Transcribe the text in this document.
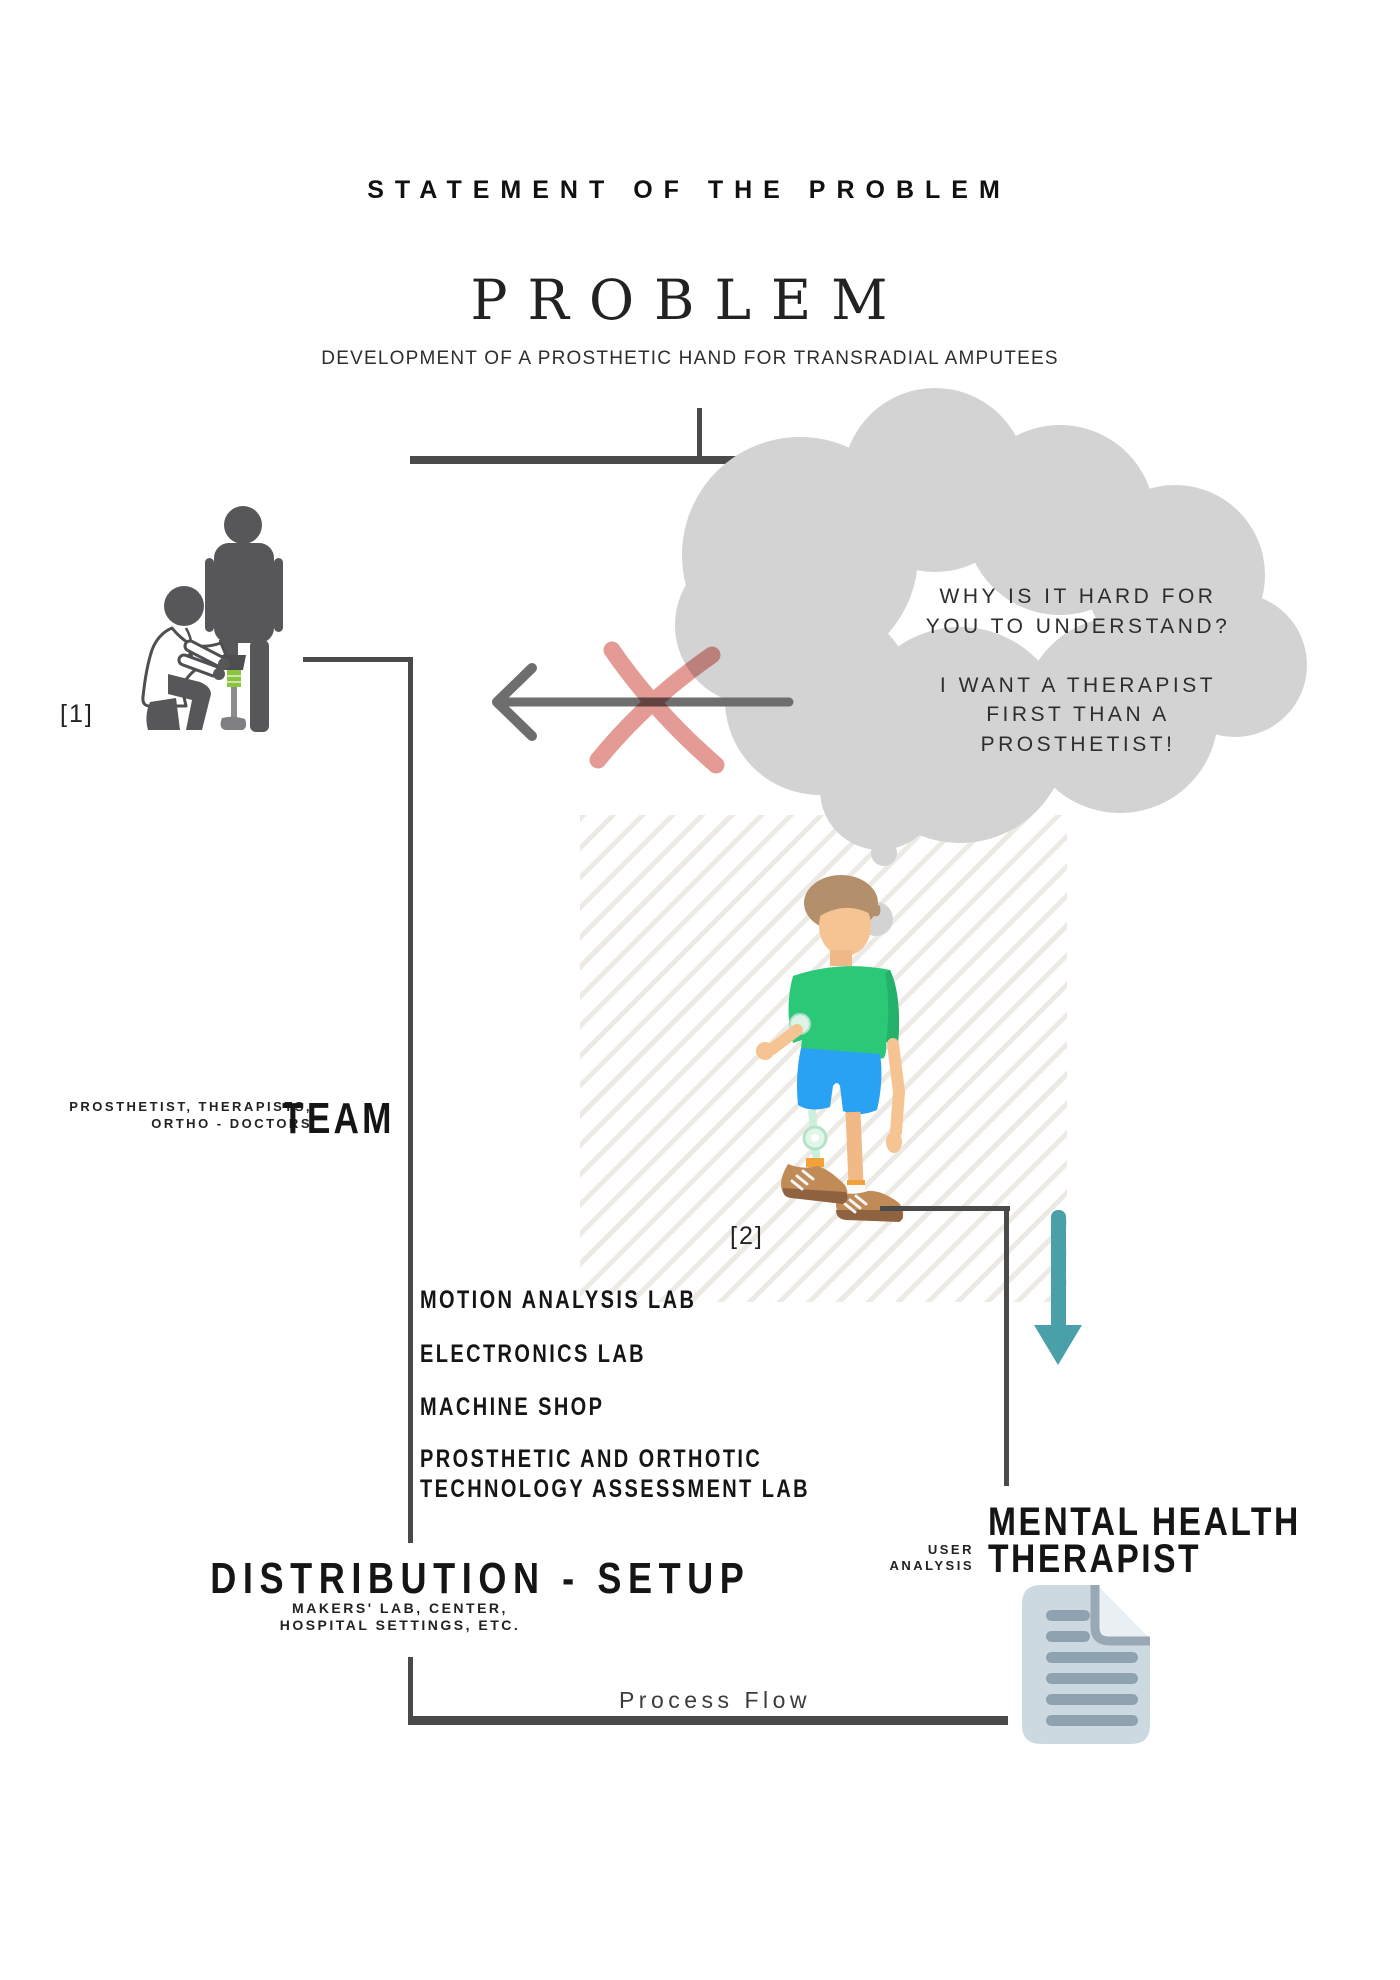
STATEMENT OF THE PROBLEM
PROBLEM
DEVELOPMENT OF A PROSTHETIC HAND FOR TRANSRADIAL AMPUTEES
WHY IS IT HARD FOR
YOU TO UNDERSTAND?

I WANT A THERAPIST
FIRST THAN A
PROSTHETIST!
[1]
[2]
PROSTHETIST, THERAPISTS,
ORTHO - DOCTORS
TEAM
MOTION ANALYSIS LAB
ELECTRONICS LAB
MACHINE SHOP
PROSTHETIC AND ORTHOTIC
TECHNOLOGY ASSESSMENT LAB
DISTRIBUTION - SETUP
MAKERS' LAB, CENTER,
HOSPITAL SETTINGS, ETC.
USER
ANALYSIS
MENTAL HEALTH
THERAPIST
Process Flow
